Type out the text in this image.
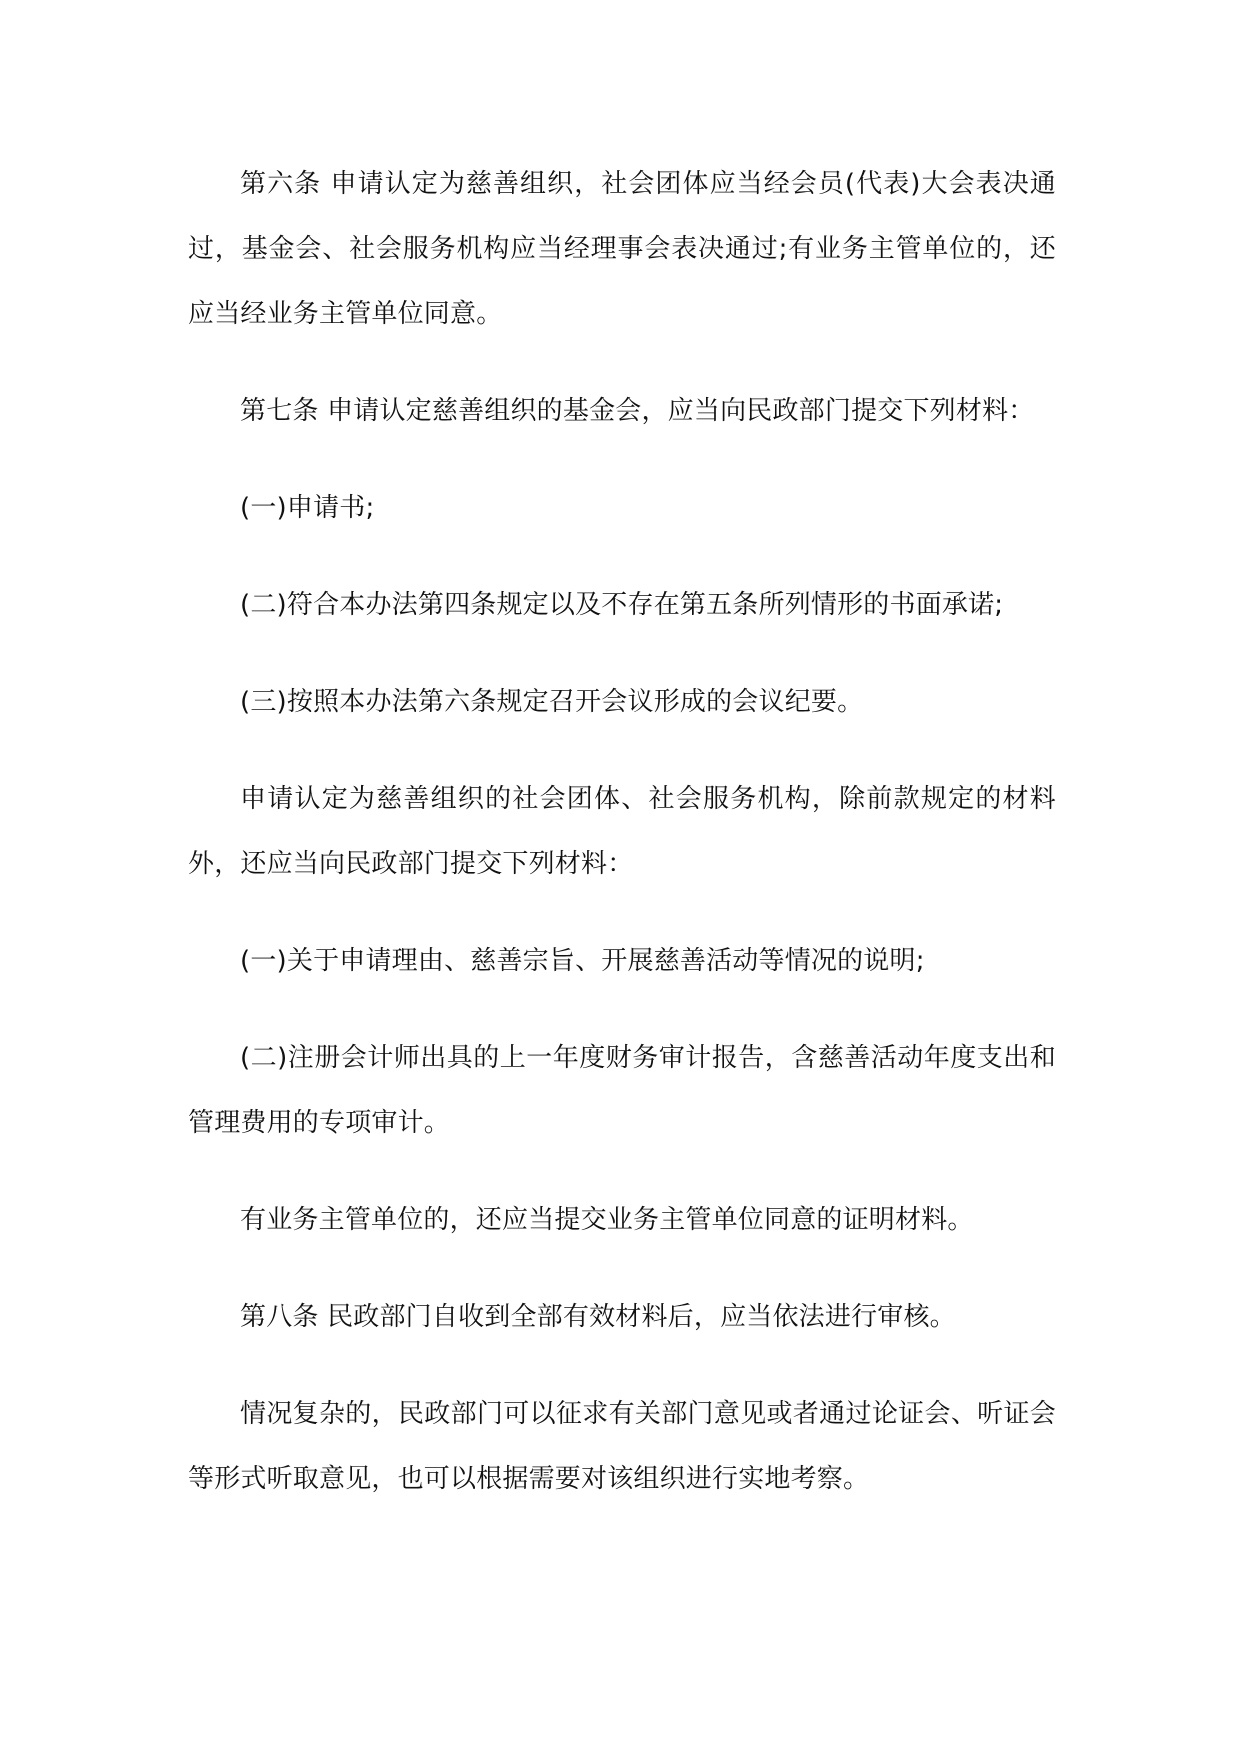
第六条 申请认定为慈善组织，社会团体应当经会员(代表)大会表决通过，基金会、社会服务机构应当经理事会表决通过;有业务主管单位的，还应当经业务主管单位同意。

第七条 申请认定慈善组织的基金会，应当向民政部门提交下列材料：

(一)申请书;

(二)符合本办法第四条规定以及不存在第五条所列情形的书面承诺;

(三)按照本办法第六条规定召开会议形成的会议纪要。

申请认定为慈善组织的社会团体、社会服务机构，除前款规定的材料外，还应当向民政部门提交下列材料：

(一)关于申请理由、慈善宗旨、开展慈善活动等情况的说明;

(二)注册会计师出具的上一年度财务审计报告，含慈善活动年度支出和管理费用的专项审计。

有业务主管单位的，还应当提交业务主管单位同意的证明材料。

第八条 民政部门自收到全部有效材料后，应当依法进行审核。

情况复杂的，民政部门可以征求有关部门意见或者通过论证会、听证会等形式听取意见，也可以根据需要对该组织进行实地考察。
